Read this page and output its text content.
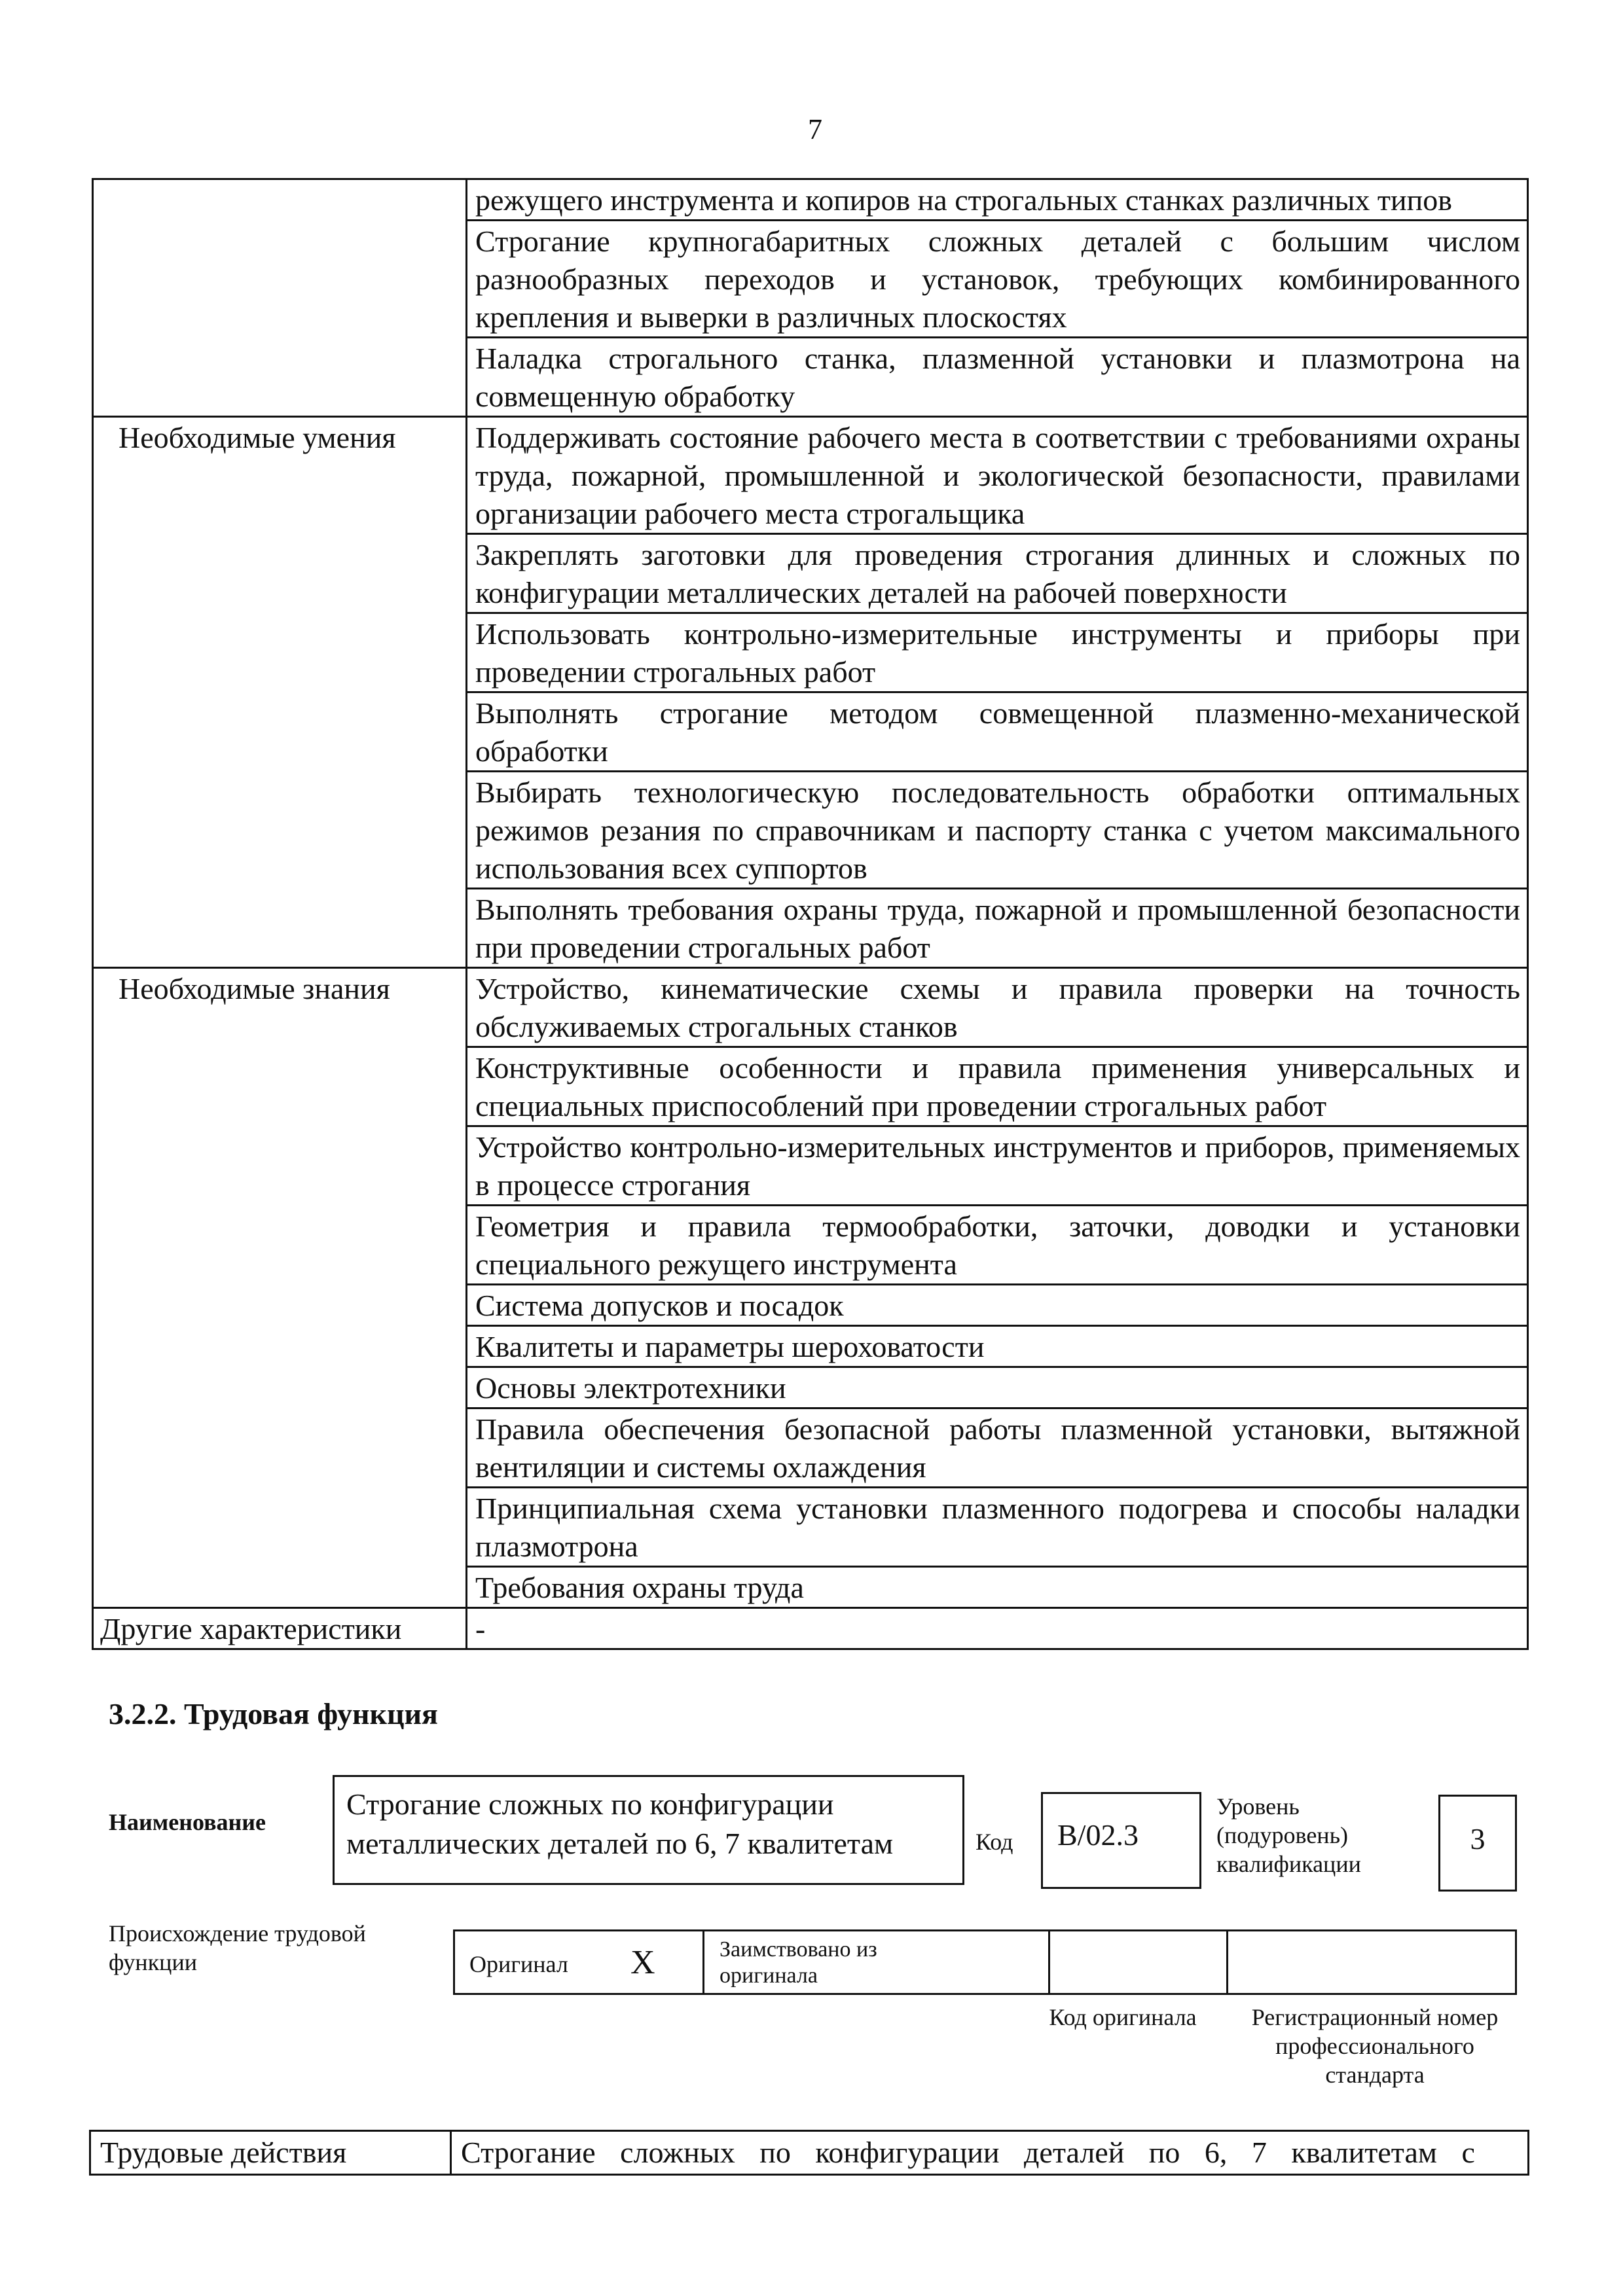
7
	режущего инструмента и копиров на строгальных станках различных типов
	Строгание крупногабаритных сложных деталей с большим числом разнообразных переходов и установок, требующих комбинированного крепления и выверки в различных плоскостях
	Наладка строгального станка, плазменной установки и плазмотрона на совмещенную обработку
Необходимые умения	Поддерживать состояние рабочего места в соответствии с требованиями охраны труда, пожарной, промышленной и экологической безопасности, правилами организации рабочего места строгальщика
	Закреплять заготовки для проведения строгания длинных и сложных по конфигурации металлических деталей на рабочей поверхности
	Использовать контрольно-измерительные инструменты и приборы при проведении строгальных работ
	Выполнять строгание методом совмещенной плазменно-механической обработки
	Выбирать технологическую последовательность обработки оптимальных режимов резания по справочникам и паспорту станка с учетом максимального использования всех суппортов
	Выполнять требования охраны труда, пожарной и промышленной безопасности при проведении строгальных работ
Необходимые знания	Устройство, кинематические схемы и правила проверки на точность обслуживаемых строгальных станков
	Конструктивные особенности и правила применения универсальных и специальных приспособлений при проведении строгальных работ
	Устройство контрольно-измерительных инструментов и приборов, применяемых в процессе строгания
	Геометрия и правила термообработки, заточки, доводки и установки специального режущего инструмента
	Система допусков и посадок
	Квалитеты и параметры шероховатости
	Основы электротехники
	Правила обеспечения безопасной работы плазменной установки, вытяжной вентиляции и системы охлаждения
	Принципиальная схема установки плазменного подогрева и способы наладки плазмотрона
	Требования охраны труда
Другие характеристики	-
3.2.2. Трудовая функция
Наименование
Строгание сложных по конфигурации металлических деталей по 6, 7 квалитетам	Код	B/02.3
Уровень (подуровень) квалификации
3
Происхождение трудовой функции	Оригинал X	Заимствовано из оригинала
Код оригинала	Регистрационный номер профессионального стандарта
Трудовые действия	Строгание сложных по конфигурации деталей по 6, 7 квалитетам с
